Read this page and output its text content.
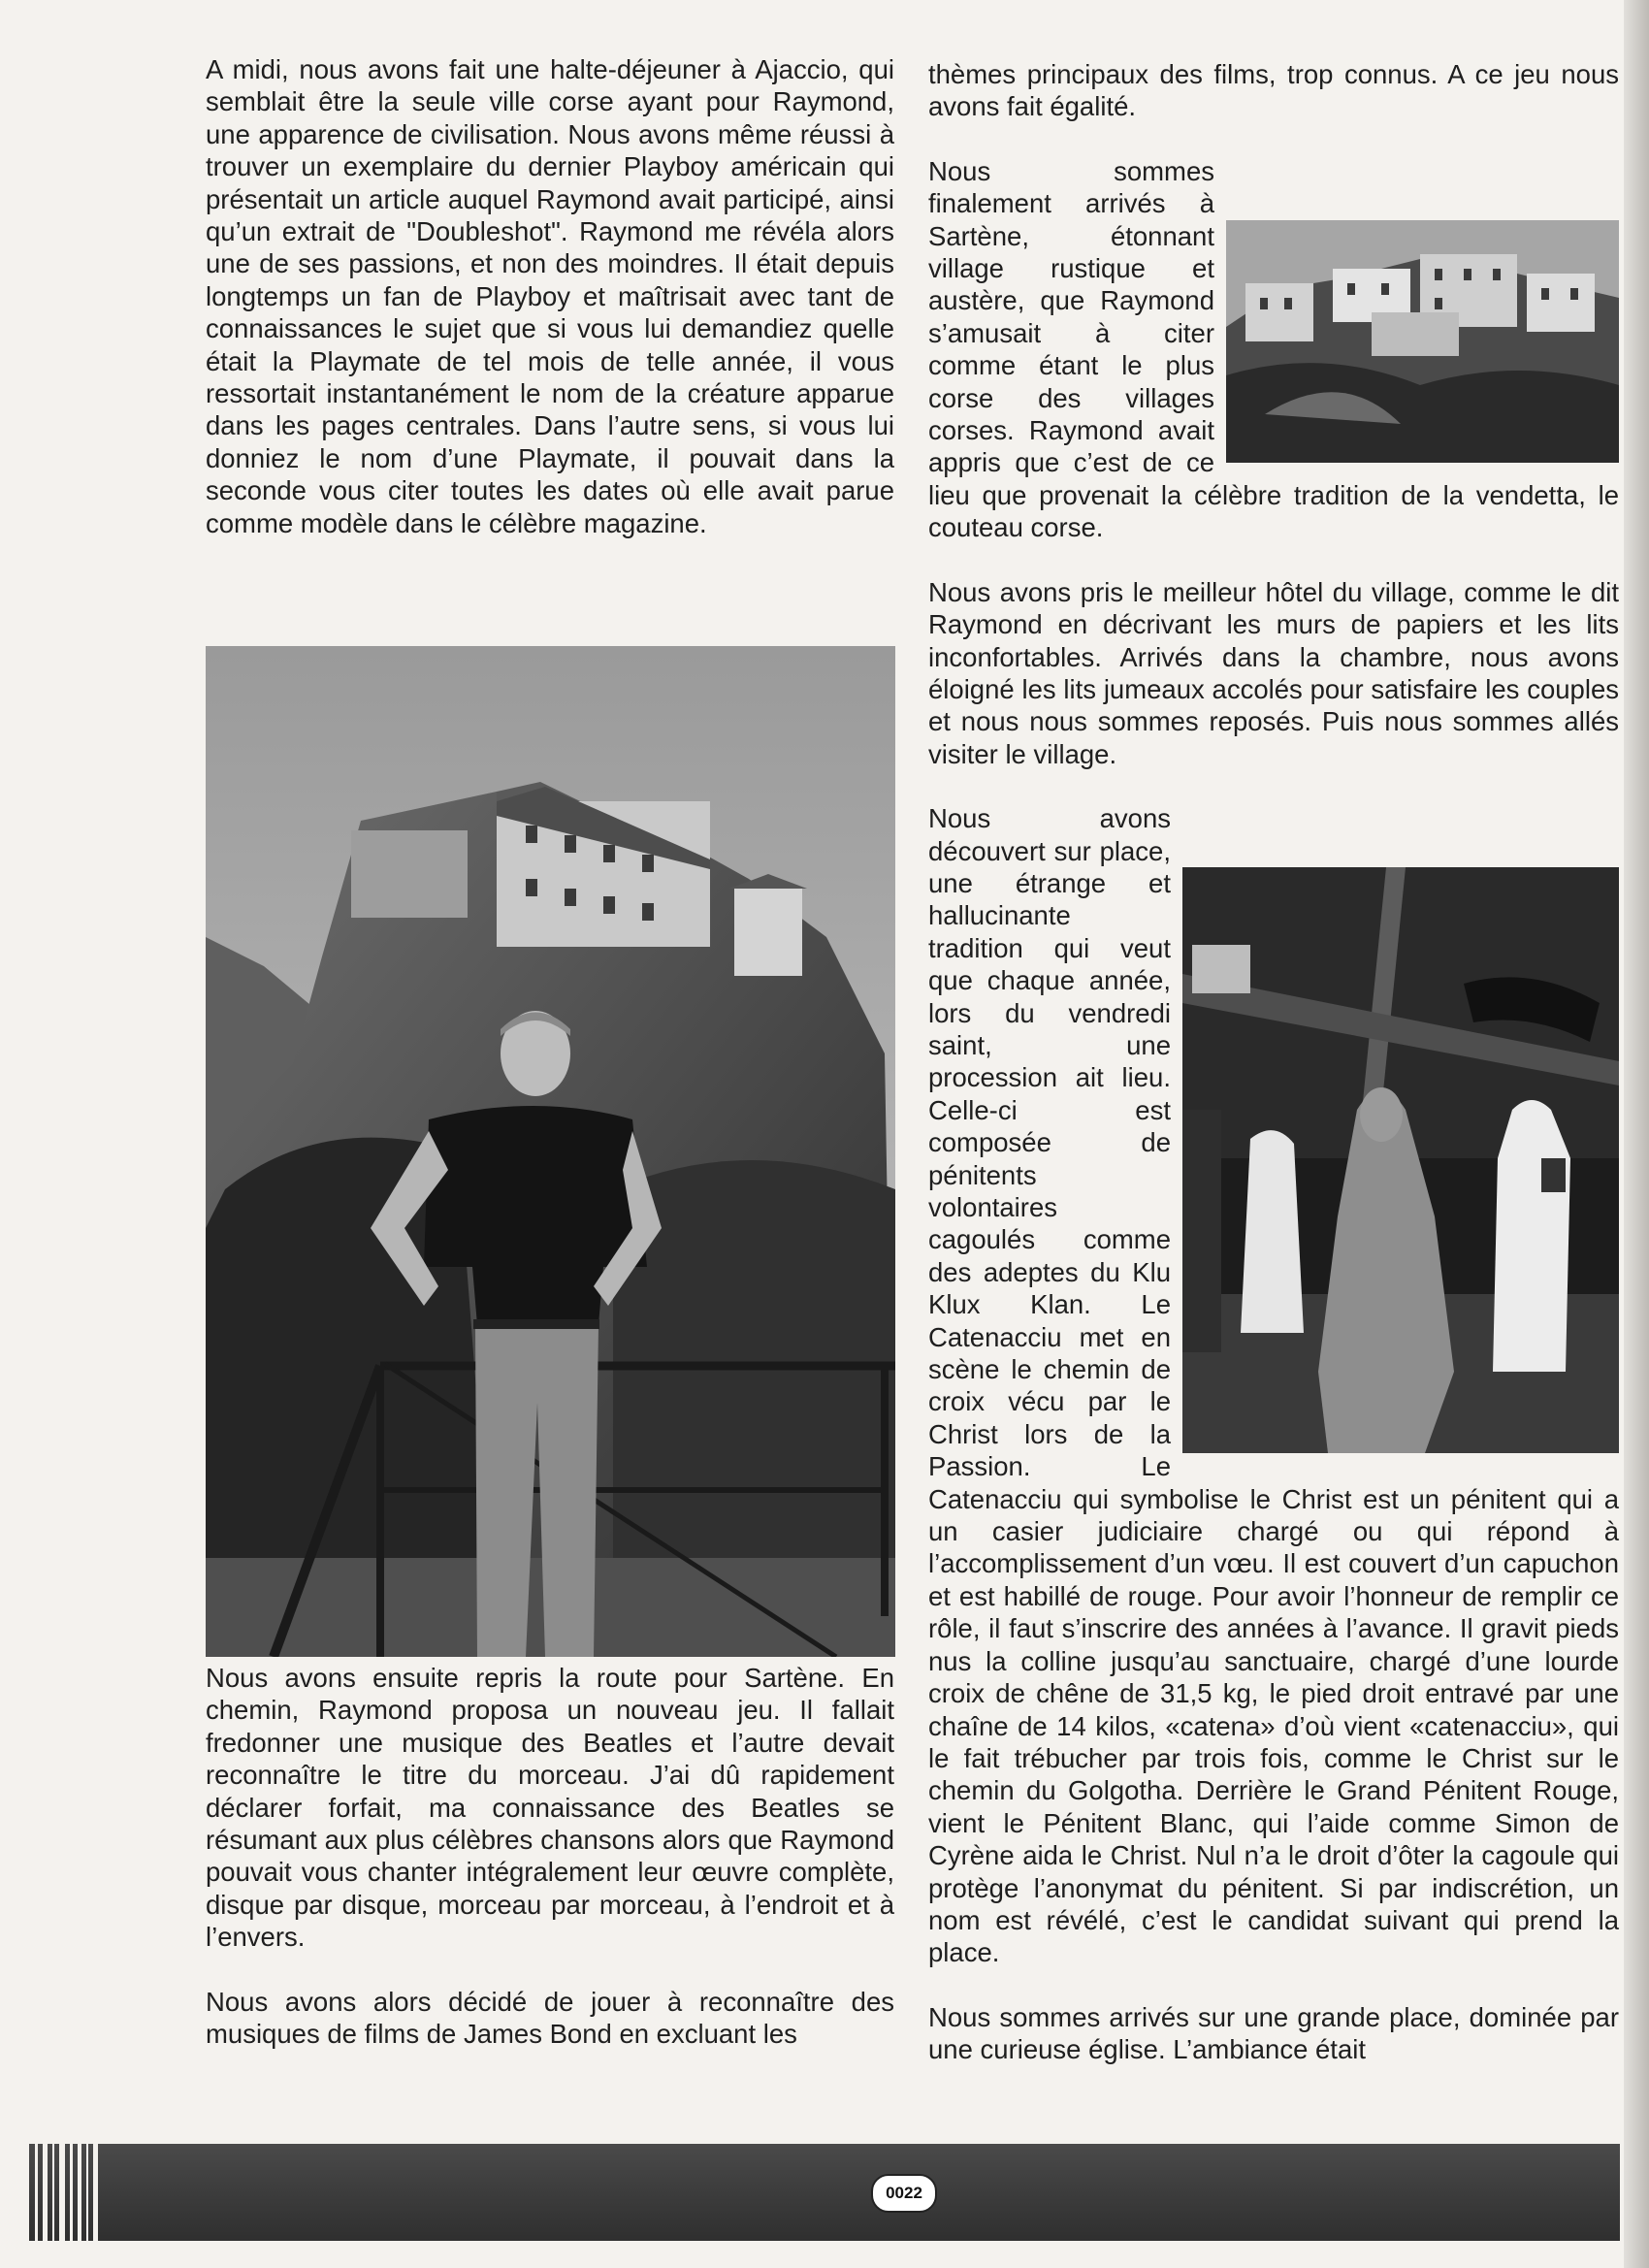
A midi, nous avons fait une halte-déjeuner à Ajaccio, qui semblait être la seule ville corse ayant pour Raymond, une apparence de civilisation. Nous avons même réussi à trouver un exemplaire du dernier Playboy américain qui présentait un article auquel Raymond avait participé, ainsi qu’un extrait de "Doubleshot". Raymond me révéla alors une de ses passions, et non des moindres. Il était depuis longtemps un fan de Playboy et maîtrisait avec tant de connaissances le sujet que si vous lui demandiez quelle était la Playmate de tel mois de telle année, il vous ressortait instantanément le nom de la créature apparue dans les pages centrales. Dans l’autre sens, si vous lui donniez le nom d’une Playmate, il pouvait dans la seconde vous citer toutes les dates où elle avait parue comme modèle dans le célèbre magazine.

Nous avons ensuite repris la route pour Sartène. En chemin, Raymond proposa un nouveau jeu. Il fallait fredonner une musique des Beatles et l’autre devait reconnaître le titre du morceau. J’ai dû rapidement déclarer forfait, ma connaissance des Beatles se résumant aux plus célèbres chansons alors que Raymond pouvait vous chanter intégralement leur œuvre complète, disque par disque, morceau par morceau, à l’endroit et à l’envers.

Nous avons alors décidé de jouer à reconnaître des musiques de films de James Bond en excluant les

thèmes principaux des films, trop connus. A ce jeu nous avons fait égalité.

Nous sommes finalement arrivés à Sartène, étonnant village rustique et austère, que Raymond s’amusait à citer comme étant le plus corse des villages corses. Raymond avait appris que c’est de ce lieu que provenait la célèbre tradition de la vendetta, le couteau corse.

Nous avons pris le meilleur hôtel du village, comme le dit Raymond en décrivant les murs de papiers et les lits inconfortables. Arrivés dans la chambre, nous avons éloigné les lits jumeaux accolés pour satisfaire les couples et nous nous sommes reposés. Puis nous sommes allés visiter le village.

Nous avons découvert sur place, une étrange et hallucinante tradition qui veut que chaque année, lors du vendredi saint, une procession ait lieu. Celle-ci est composée de pénitents volontaires cagoulés comme des adeptes du Klu Klux Klan. Le Catenacciu met en scène le chemin de croix vécu par le Christ lors de la Passion. Le Catenacciu qui symbolise le Christ est un pénitent qui a un casier judiciaire chargé ou qui répond à l’accomplissement d’un vœu. Il est couvert d’un capuchon et est habillé de rouge. Pour avoir l’honneur de remplir ce rôle, il faut s’inscrire des années à l’avance. Il gravit pieds nus la colline jusqu’au sanctuaire, chargé d’une lourde croix de chêne de 31,5 kg, le pied droit entravé par une chaîne de 14 kilos, «catena» d’où vient «catenacciu», qui le fait trébucher par trois fois, comme le Christ sur le chemin du Golgotha. Derrière le Grand Pénitent Rouge, vient le Pénitent Blanc, qui l’aide comme Simon de Cyrène aida le Christ. Nul n’a le droit d’ôter la cagoule qui protège l’anonymat du pénitent. Si par indiscrétion, un nom est révélé, c’est le candidat suivant qui prend la place.

Nous sommes arrivés sur une grande place, dominée par une curieuse église. L’ambiance était

0022
